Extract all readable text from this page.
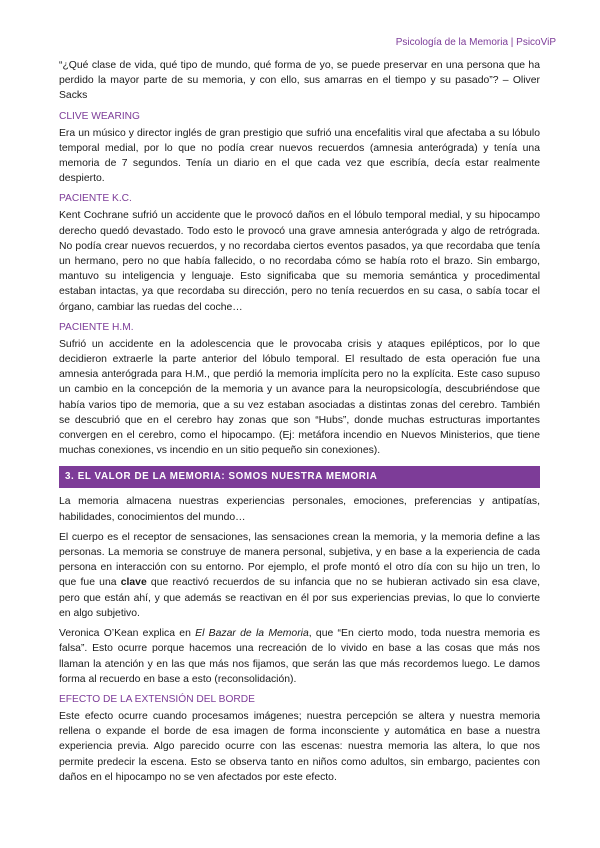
Psicología de la Memoria | PsicoViP

“¿Qué clase de vida, qué tipo de mundo, qué forma de yo, se puede preservar en una persona que ha perdido la mayor parte de su memoria, y con ello, sus amarras en el tiempo y su pasado”? – Oliver Sacks

CLIVE WEARING

Era un músico y director inglés de gran prestigio que sufrió una encefalitis viral que afectaba a su lóbulo temporal medial, por lo que no podía crear nuevos recuerdos (amnesia anterógrada) y tenía una memoria de 7 segundos. Tenía un diario en el que cada vez que escribía, decía estar realmente despierto.

PACIENTE K.C.

Kent Cochrane sufrió un accidente que le provocó daños en el lóbulo temporal medial, y su hipocampo derecho quedó devastado. Todo esto le provocó una grave amnesia anterógrada y algo de retrógrada. No podía crear nuevos recuerdos, y no recordaba ciertos eventos pasados, ya que recordaba que tenía un hermano, pero no que había fallecido, o no recordaba cómo se había roto el brazo. Sin embargo, mantuvo su inteligencia y lenguaje. Esto significaba que su memoria semántica y procedimental estaban intactas, ya que recordaba su dirección, pero no tenía recuerdos en su casa, o sabía tocar el órgano, cambiar las ruedas del coche…

PACIENTE H.M.

Sufrió un accidente en la adolescencia que le provocaba crisis y ataques epilépticos, por lo que decidieron extraerle la parte anterior del lóbulo temporal. El resultado de esta operación fue una amnesia anterógrada para H.M., que perdió la memoria implícita pero no la explícita. Este caso supuso un cambio en la concepción de la memoria y un avance para la neuropsicología, descubriéndose que había varios tipo de memoria, que a su vez estaban asociadas a distintas zonas del cerebro. También se descubrió que en el cerebro hay zonas que son “Hubs”, donde muchas estructuras importantes convergen en el cerebro, como el hipocampo. (Ej: metáfora incendio en Nuevos Ministerios, que tiene muchas conexiones, vs incendio en un sitio pequeño sin conexiones).

3. EL VALOR DE LA MEMORIA: SOMOS NUESTRA MEMORIA

La memoria almacena nuestras experiencias personales, emociones, preferencias y antipatías, habilidades, conocimientos del mundo…

El cuerpo es el receptor de sensaciones, las sensaciones crean la memoria, y la memoria define a las personas. La memoria se construye de manera personal, subjetiva, y en base a la experiencia de cada persona en interacción con su entorno. Por ejemplo, el profe montó el otro día con su hijo un tren, lo que fue una clave que reactivó recuerdos de su infancia que no se hubieran activado sin esa clave, pero que están ahí, y que además se reactivan en él por sus experiencias previas, lo que lo convierte en algo subjetivo.

Veronica O’Kean explica en El Bazar de la Memoria, que “En cierto modo, toda nuestra memoria es falsa”. Esto ocurre porque hacemos una recreación de lo vivido en base a las cosas que más nos llaman la atención y en las que más nos fijamos, que serán las que más recordemos luego. Le damos forma al recuerdo en base a esto (reconsolidación).

EFECTO DE LA EXTENSIÓN DEL BORDE

Este efecto ocurre cuando procesamos imágenes; nuestra percepción se altera y nuestra memoria rellena o expande el borde de esa imagen de forma inconsciente y automática en base a nuestra experiencia previa. Algo parecido ocurre con las escenas: nuestra memoria las altera, lo que nos permite predecir la escena. Esto se observa tanto en niños como adultos, sin embargo, pacientes con daños en el hipocampo no se ven afectados por este efecto.
